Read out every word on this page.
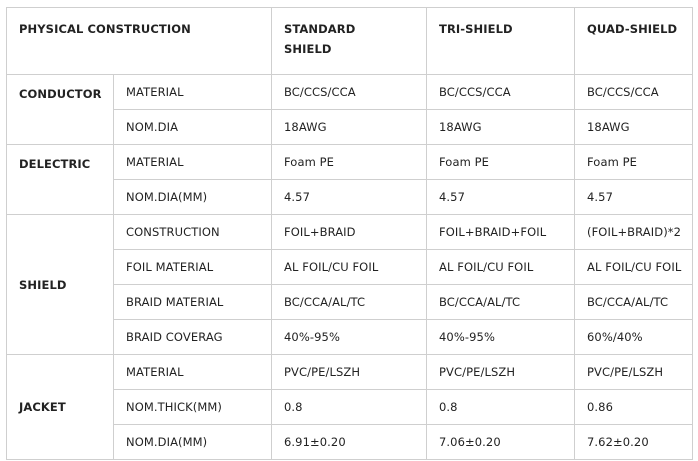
PHYSICAL CONSTRUCTION		STANDARD SHIELD	TRI-SHIELD	QUAD-SHIELD
CONDUCTOR	MATERIAL	BC/CCS/CCA	BC/CCS/CCA	BC/CCS/CCA
	NOM.DIA	18AWG	18AWG	18AWG
DELECTRIC	MATERIAL	Foam PE	Foam PE	Foam PE
	NOM.DIA(MM)	4.57	4.57	4.57
SHIELD	CONSTRUCTION	FOIL+BRAID	FOIL+BRAID+FOIL	(FOIL+BRAID)*2
	FOIL MATERIAL	AL FOIL/CU FOIL	AL FOIL/CU FOIL	AL FOIL/CU FOIL
	BRAID MATERIAL	BC/CCA/AL/TC	BC/CCA/AL/TC	BC/CCA/AL/TC
	BRAID COVERAG	40%-95%	40%-95%	60%/40%
JACKET	MATERIAL	PVC/PE/LSZH	PVC/PE/LSZH	PVC/PE/LSZH
	NOM.THICK(MM)	0.8	0.8	0.86
	NOM.DIA(MM)	6.91±0.20	7.06±0.20	7.62±0.20
